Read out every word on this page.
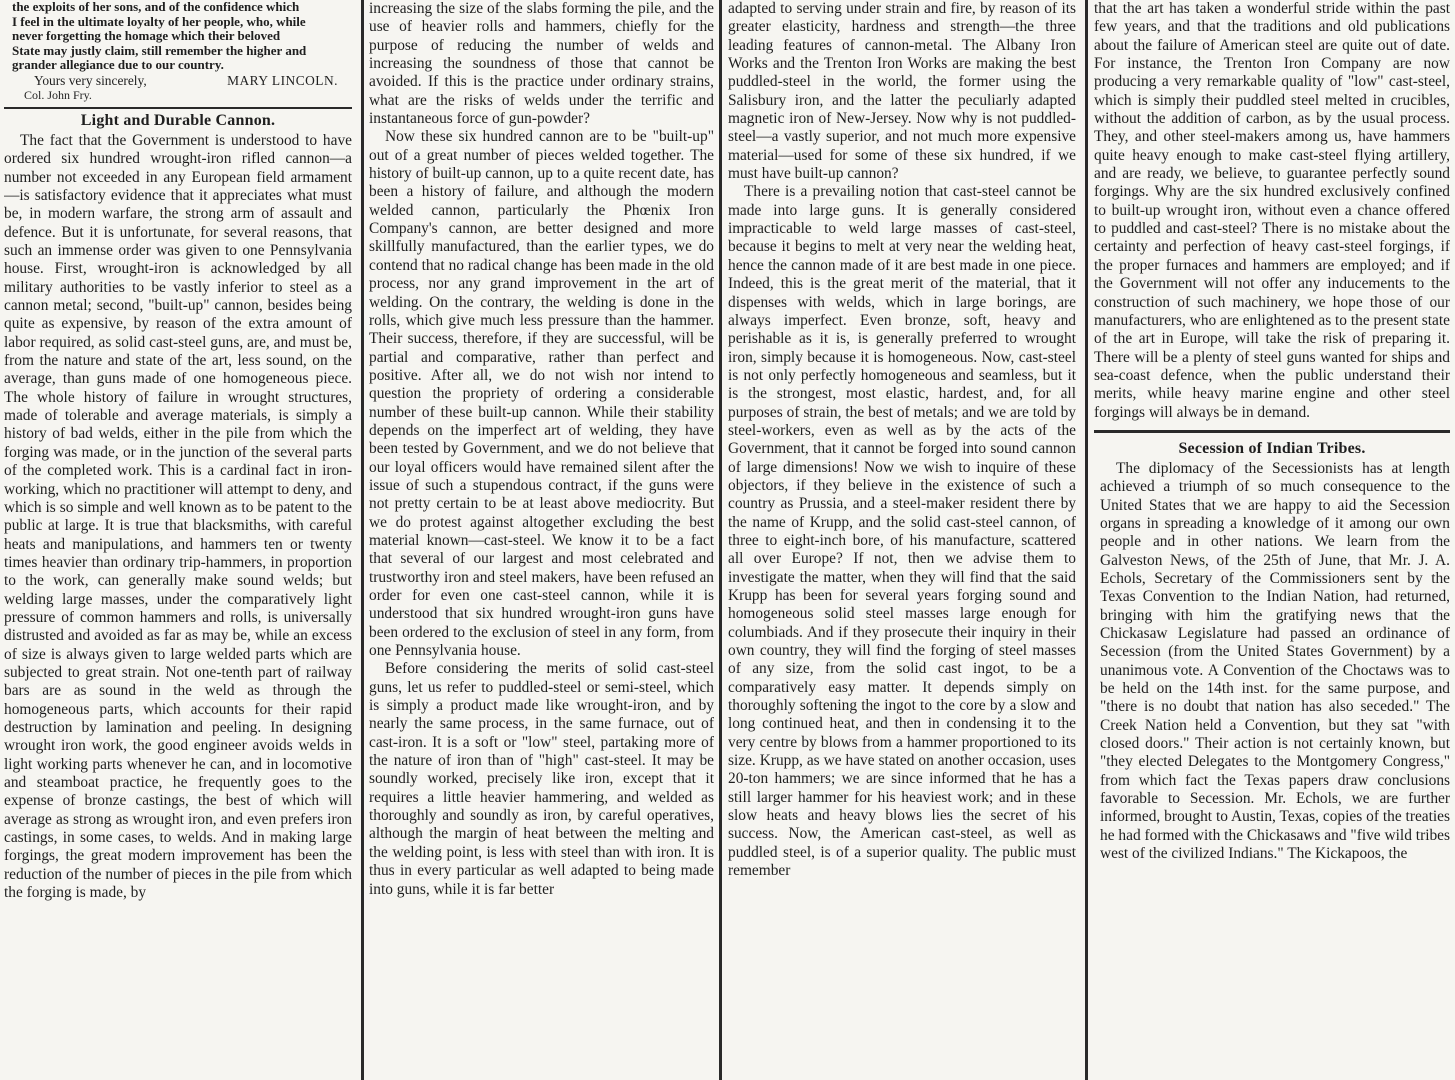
the exploits of her sons, and of the confidence which
I feel in the ultimate loyalty of her people, who, while
never forgetting the homage which their beloved
State may justly claim, still remember the higher and
grander allegiance due to our country.
Yours very sincerely,	MARY LINCOLN.
Col. John Fry.
Light and Durable Cannon.

The fact that the Government is understood to have ordered six hundred wrought-iron rifled cannon—a number not exceeded in any European field armament—is satisfactory evidence that it appreciates what must be, in modern warfare, the strong arm of assault and defence. But it is unfortunate, for several reasons, that such an immense order was given to one Pennsylvania house. First, wrought-iron is acknowledged by all military authorities to be vastly inferior to steel as a cannon metal; second, "built-up" cannon, besides being quite as expensive, by reason of the extra amount of labor required, as solid cast-steel guns, are, and must be, from the nature and state of the art, less sound, on the average, than guns made of one homogeneous piece. The whole history of failure in wrought structures, made of tolerable and average materials, is simply a history of bad welds, either in the pile from which the forging was made, or in the junction of the several parts of the completed work. This is a cardinal fact in iron-working, which no practitioner will attempt to deny, and which is so simple and well known as to be patent to the public at large. It is true that blacksmiths, with careful heats and manipulations, and hammers ten or twenty times heavier than ordinary trip-hammers, in proportion to the work, can generally make sound welds; but welding large masses, under the comparatively light pressure of common hammers and rolls, is universally distrusted and avoided as far as may be, while an excess of size is always given to large welded parts which are subjected to great strain. Not one-tenth part of railway bars are as sound in the weld as through the homogeneous parts, which accounts for their rapid destruction by lamination and peeling. In designing wrought iron work, the good engineer avoids welds in light working parts whenever he can, and in locomotive and steamboat practice, he frequently goes to the expense of bronze castings, the best of which will average as strong as wrought iron, and even prefers iron castings, in some cases, to welds. And in making large forgings, the great modern improvement has been the reduction of the number of pieces in the pile from which the forging is made, by

increasing the size of the slabs forming the pile, and the use of heavier rolls and hammers, chiefly for the purpose of reducing the number of welds and increasing the soundness of those that cannot be avoided. If this is the practice under ordinary strains, what are the risks of welds under the terrific and instantaneous force of gun-powder?

Now these six hundred cannon are to be "built-up" out of a great number of pieces welded together. The history of built-up cannon, up to a quite recent date, has been a history of failure, and although the modern welded cannon, particularly the Phœnix Iron Company's cannon, are better designed and more skillfully manufactured, than the earlier types, we do contend that no radical change has been made in the old process, nor any grand improvement in the art of welding. On the contrary, the welding is done in the rolls, which give much less pressure than the hammer. Their success, therefore, if they are successful, will be partial and comparative, rather than perfect and positive. After all, we do not wish nor intend to question the propriety of ordering a considerable number of these built-up cannon. While their stability depends on the imperfect art of welding, they have been tested by Government, and we do not believe that our loyal officers would have remained silent after the issue of such a stupendous contract, if the guns were not pretty certain to be at least above mediocrity. But we do protest against altogether excluding the best material known—cast-steel. We know it to be a fact that several of our largest and most celebrated and trustworthy iron and steel makers, have been refused an order for even one cast-steel cannon, while it is understood that six hundred wrought-iron guns have been ordered to the exclusion of steel in any form, from one Pennsylvania house.

Before considering the merits of solid cast-steel guns, let us refer to puddled-steel or semi-steel, which is simply a product made like wrought-iron, and by nearly the same process, in the same furnace, out of cast-iron. It is a soft or "low" steel, partaking more of the nature of iron than of "high" cast-steel. It may be soundly worked, precisely like iron, except that it requires a little heavier hammering, and welded as thoroughly and soundly as iron, by careful operatives, although the margin of heat between the melting and the welding point, is less with steel than with iron. It is thus in every particular as well adapted to being made into guns, while it is far better

adapted to serving under strain and fire, by reason of its greater elasticity, hardness and strength—the three leading features of cannon-metal. The Albany Iron Works and the Trenton Iron Works are making the best puddled-steel in the world, the former using the Salisbury iron, and the latter the peculiarly adapted magnetic iron of New-Jersey. Now why is not puddled-steel—a vastly superior, and not much more expensive material—used for some of these six hundred, if we must have built-up cannon?

There is a prevailing notion that cast-steel cannot be made into large guns. It is generally considered impracticable to weld large masses of cast-steel, because it begins to melt at very near the welding heat, hence the cannon made of it are best made in one piece. Indeed, this is the great merit of the material, that it dispenses with welds, which in large borings, are always imperfect. Even bronze, soft, heavy and perishable as it is, is generally preferred to wrought iron, simply because it is homogeneous. Now, cast-steel is not only perfectly homogeneous and seamless, but it is the strongest, most elastic, hardest, and, for all purposes of strain, the best of metals; and we are told by steel-workers, even as well as by the acts of the Government, that it cannot be forged into sound cannon of large dimensions! Now we wish to inquire of these objectors, if they believe in the existence of such a country as Prussia, and a steel-maker resident there by the name of Krupp, and the solid cast-steel cannon, of three to eight-inch bore, of his manufacture, scattered all over Europe? If not, then we advise them to investigate the matter, when they will find that the said Krupp has been for several years forging sound and homogeneous solid steel masses large enough for columbiads. And if they prosecute their inquiry in their own country, they will find the forging of steel masses of any size, from the solid cast ingot, to be a comparatively easy matter. It depends simply on thoroughly softening the ingot to the core by a slow and long continued heat, and then in condensing it to the very centre by blows from a hammer proportioned to its size. Krupp, as we have stated on another occasion, uses 20-ton hammers; we are since informed that he has a still larger hammer for his heaviest work; and in these slow heats and heavy blows lies the secret of his success. Now, the American cast-steel, as well as puddled steel, is of a superior quality. The public must remember

that the art has taken a wonderful stride within the past few years, and that the traditions and old publications about the failure of American steel are quite out of date. For instance, the Trenton Iron Company are now producing a very remarkable quality of "low" cast-steel, which is simply their puddled steel melted in crucibles, without the addition of carbon, as by the usual process. They, and other steel-makers among us, have hammers quite heavy enough to make cast-steel flying artillery, and are ready, we believe, to guarantee perfectly sound forgings. Why are the six hundred exclusively confined to built-up wrought iron, without even a chance offered to puddled and cast-steel? There is no mistake about the certainty and perfection of heavy cast-steel forgings, if the proper furnaces and hammers are employed; and if the Government will not offer any inducements to the construction of such machinery, we hope those of our manufacturers, who are enlightened as to the present state of the art in Europe, will take the risk of preparing it. There will be a plenty of steel guns wanted for ships and sea-coast defence, when the public understand their merits, while heavy marine engine and other steel forgings will always be in demand.

Secession of Indian Tribes.

The diplomacy of the Secessionists has at length achieved a triumph of so much consequence to the United States that we are happy to aid the Secession organs in spreading a knowledge of it among our own people and in other nations. We learn from the Galveston News, of the 25th of June, that Mr. J. A. Echols, Secretary of the Commissioners sent by the Texas Convention to the Indian Nation, had returned, bringing with him the gratifying news that the Chickasaw Legislature had passed an ordinance of Secession (from the United States Government) by a unanimous vote. A Convention of the Choctaws was to be held on the 14th inst. for the same purpose, and "there is no doubt that nation has also seceded." The Creek Nation held a Convention, but they sat "with closed doors." Their action is not certainly known, but "they elected Delegates to the Montgomery Congress," from which fact the Texas papers draw conclusions favorable to Secession. Mr. Echols, we are further informed, brought to Austin, Texas, copies of the treaties he had formed with the Chickasaws and "five wild tribes west of the civilized Indians." The Kickapoos, the
